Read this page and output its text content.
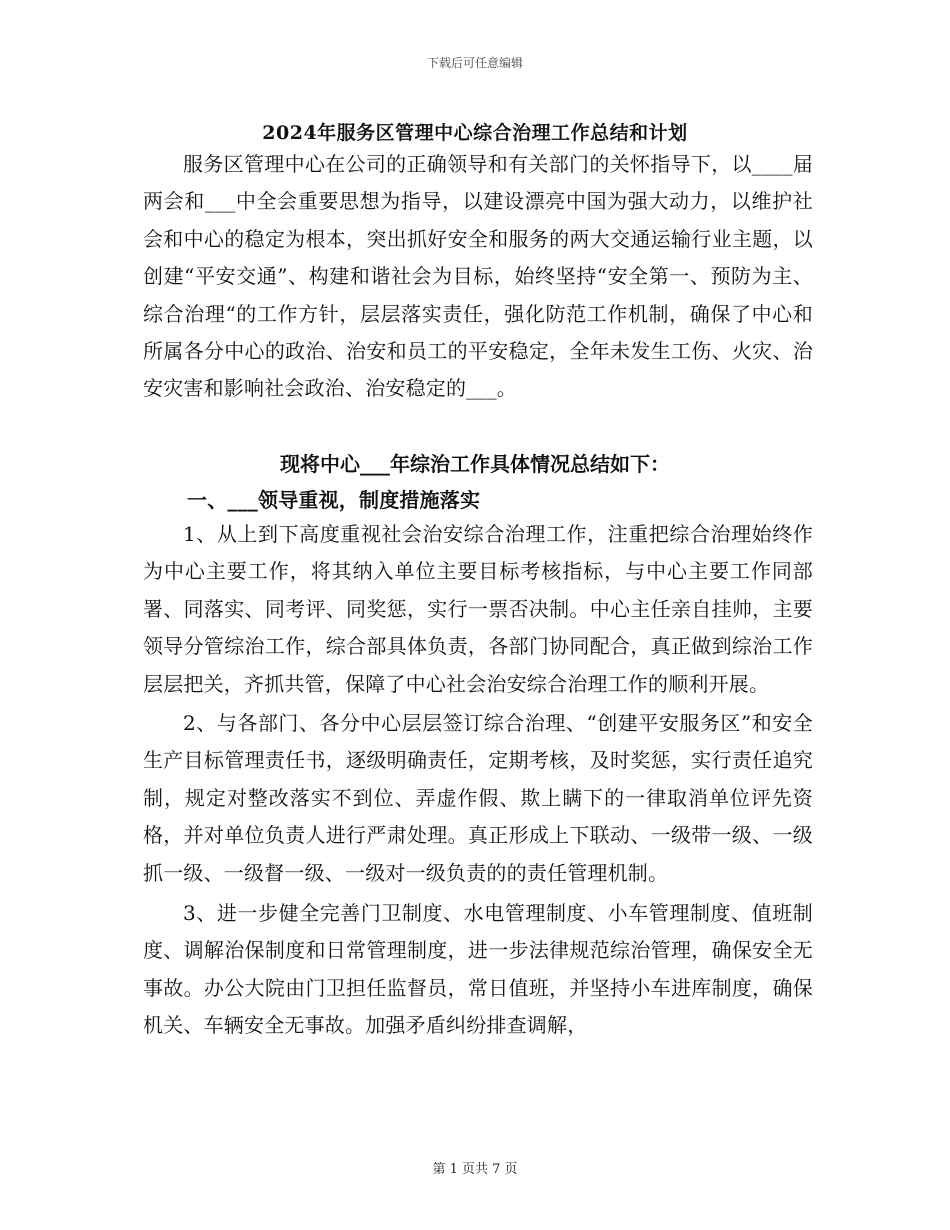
下载后可任意编辑
2024年服务区管理中心综合治理工作总结和计划

服务区管理中心在公司的正确领导和有关部门的关怀指导下，以____届两会和___中全会重要思想为指导，以建设漂亮中国为强大动力，以维护社会和中心的稳定为根本，突出抓好安全和服务的两大交通运输行业主题，以创建“平安交通”、构建和谐社会为目标，始终坚持“安全第一、预防为主、综合治理“的工作方针，层层落实责任，强化防范工作机制，确保了中心和所属各分中心的政治、治安和员工的平安稳定，全年未发生工伤、火灾、治安灾害和影响社会政治、治安稳定的___。

现将中心___年综治工作具体情况总结如下：

一、___领导重视，制度措施落实

1、从上到下高度重视社会治安综合治理工作，注重把综合治理始终作为中心主要工作，将其纳入单位主要目标考核指标，与中心主要工作同部署、同落实、同考评、同奖惩，实行一票否决制。中心主任亲自挂帅，主要领导分管综治工作，综合部具体负责，各部门协同配合，真正做到综治工作层层把关，齐抓共管，保障了中心社会治安综合治理工作的顺利开展。

2、与各部门、各分中心层层签订综合治理、“创建平安服务区”和安全生产目标管理责任书，逐级明确责任，定期考核，及时奖惩，实行责任追究制，规定对整改落实不到位、弄虚作假、欺上瞒下的一律取消单位评先资格，并对单位负责人进行严肃处理。真正形成上下联动、一级带一级、一级抓一级、一级督一级、一级对一级负责的的责任管理机制。

3、进一步健全完善门卫制度、水电管理制度、小车管理制度、值班制度、调解治保制度和日常管理制度，进一步法律规范综治管理，确保安全无事故。办公大院由门卫担任监督员，常日值班，并坚持小车进库制度，确保机关、车辆安全无事故。加强矛盾纠纷排查调解，

第 1 页共 7 页
